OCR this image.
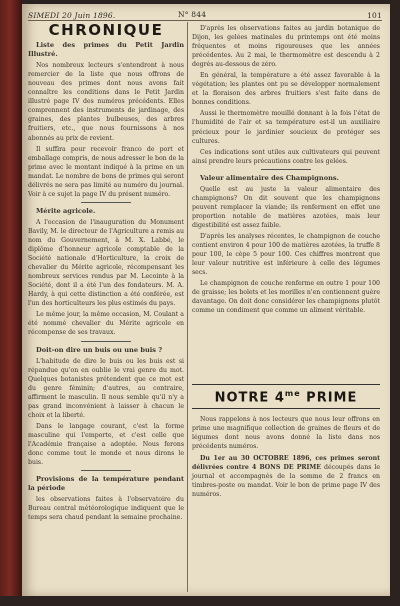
SIMEDI 20 Juin 1896.	N° 844	101
CHRONIQUE

Liste des primes du Petit Jardin Illustré.

Nos nombreux lecteurs s'entendront à nous remercier de la liste que nous offrons de nouveau des primes dont nous avons fait connaître les conditions dans le Petit Jardin illustré page IV des numéros précédents. Elles comprennent des instruments de jardinage, des graines, des plantes bulbeuses, des arbres fruitiers, etc., que nous fournissons à nos abonnés au prix de revient.

Il suffira pour recevoir franco de port et emballage compris, de nous adresser le bon de la prime avec le montant indiqué à la prime en un mandat. Le nombre de bons de primes qui seront délivrés ne sera pas limité au numéro du journal. Voir à ce sujet la page IV du présent numéro.

Mérite agricole.

A l'occasion de l'inauguration du Monument Bavily, M. le directeur de l'Agriculture a remis au nom du Gouvernement, à M. X. Labbé, le diplôme d'honneur agricole comptable de la Société nationale d'Horticulture, la croix de chevalier du Mérite agricole, récompensant les nombreux services rendus par M. Lecointe à la Société, dont il a été l'un des fondateurs. M. A. Hardy, à qui cette distinction a été conférée, est l'un des horticulteurs les plus estimés du pays.

Le même jour, la même occasion, M. Coulant a été nommé chevalier du Mérite agricole en récompense de ses travaux.

Doit-on dire un buis ou une buis ?

L'habitude de dire le buis ou les buis est si répandue qu'on en oublie le vrai genre du mot. Quelques botanistes prétendent que ce mot est du genre féminin; d'autres, au contraire, affirment le masculin. Il nous semble qu'il n'y a pas grand inconvénient à laisser à chacun le choix et la liberté.

Dans le langage courant, c'est la forme masculine qui l'emporte, et c'est celle que l'Académie française a adoptée. Nous ferons donc comme tout le monde et nous dirons le buis.

Provisions de la température pendant la période

les observations faites à l'observatoire du Bureau central météorologique indiquent que le temps sera chaud pendant la semaine prochaine.

D'après les observations faites au jardin botanique de Dijon, les gelées matinales du printemps ont été moins fréquentes et moins rigoureuses que les années précédentes. Au 2 mai, le thermomètre est descendu à 2 degrés au-dessous de zéro.

En général, la température a été assez favorable à la végétation; les plantes ont pu se développer normalement et la floraison des arbres fruitiers s'est faite dans de bonnes conditions.

Aussi le thermomètre mouillé donnant à la fois l'état de l'humidité de l'air et sa température est-il un auxiliaire précieux pour le jardinier soucieux de protéger ses cultures.

Ces indications sont utiles aux cultivateurs qui peuvent ainsi prendre leurs précautions contre les gelées.

Valeur alimentaire des Champignons.

Quelle est au juste la valeur alimentaire des champignons? On dit souvent que les champignons peuvent remplacer la viande; ils renferment en effet une proportion notable de matières azotées, mais leur digestibilité est assez faible.

D'après les analyses récentes, le champignon de couche contient environ 4 pour 100 de matières azotées, la truffe 8 pour 100, le cèpe 5 pour 100. Ces chiffres montrent que leur valeur nutritive est inférieure à celle des légumes secs.

Le champignon de couche renferme en outre 1 pour 100 de graisse; les bolets et les morilles n'en contiennent guère davantage. On doit donc considérer les champignons plutôt comme un condiment que comme un aliment véritable.

NOTRE $4^{me}$ PRIME

Nous rappelons à nos lecteurs que nous leur offrons en prime une magnifique collection de graines de fleurs et de légumes dont nous avons donné la liste dans nos précédents numéros.

Du 1er au 30 OCTOBRE 1896, ces primes seront délivrées contre 4 BONS DE PRIME découpés dans le journal et accompagnés de la somme de 2 francs en timbres-poste ou mandat. Voir le bon de prime page IV des numéros.
